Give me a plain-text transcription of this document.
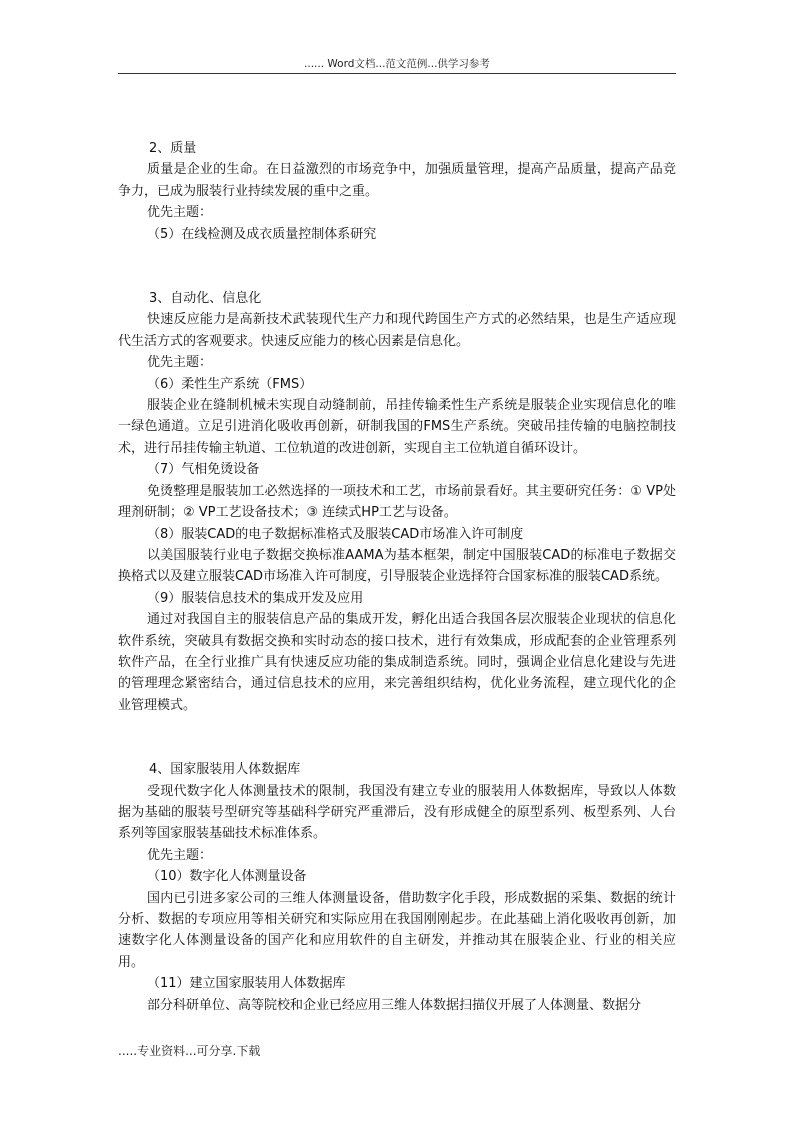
...... Word文档...范文范例...供学习参考

2、质量

质量是企业的生命。在日益激烈的市场竞争中，加强质量管理，提高产品质量，提高产品竞争力，已成为服装行业持续发展的重中之重。

优先主题：

（5）在线检测及成衣质量控制体系研究

3、自动化、信息化

快速反应能力是高新技术武装现代生产力和现代跨国生产方式的必然结果，也是生产适应现代生活方式的客观要求。快速反应能力的核心因素是信息化。

优先主题：

（6）柔性生产系统（FMS）

服装企业在缝制机械未实现自动缝制前，吊挂传输柔性生产系统是服装企业实现信息化的唯一绿色通道。立足引进消化吸收再创新，研制我国的FMS生产系统。突破吊挂传输的电脑控制技术，进行吊挂传输主轨道、工位轨道的改进创新，实现自主工位轨道自循环设计。

（7）气相免烫设备

免烫整理是服装加工必然选择的一项技术和工艺，市场前景看好。其主要研究任务：① VP处理剂研制；② VP工艺设备技术；③ 连续式HP工艺与设备。

（8）服装CAD的电子数据标准格式及服装CAD市场准入许可制度

以美国服装行业电子数据交换标准AAMA为基本框架，制定中国服装CAD的标准电子数据交换格式以及建立服装CAD市场准入许可制度，引导服装企业选择符合国家标准的服装CAD系统。

（9）服装信息技术的集成开发及应用

通过对我国自主的服装信息产品的集成开发，孵化出适合我国各层次服装企业现状的信息化软件系统，突破具有数据交换和实时动态的接口技术，进行有效集成，形成配套的企业管理系列软件产品，在全行业推广具有快速反应功能的集成制造系统。同时，强调企业信息化建设与先进的管理理念紧密结合，通过信息技术的应用，来完善组织结构，优化业务流程，建立现代化的企业管理模式。

4、国家服装用人体数据库

受现代数字化人体测量技术的限制，我国没有建立专业的服装用人体数据库，导致以人体数据为基础的服装号型研究等基础科学研究严重滞后，没有形成健全的原型系列、板型系列、人台系列等国家服装基础技术标准体系。

优先主题：

（10）数字化人体测量设备

国内已引进多家公司的三维人体测量设备，借助数字化手段，形成数据的采集、数据的统计分析、数据的专项应用等相关研究和实际应用在我国刚刚起步。在此基础上消化吸收再创新，加速数字化人体测量设备的国产化和应用软件的自主研发，并推动其在服装企业、行业的相关应用。

（11）建立国家服装用人体数据库

部分科研单位、高等院校和企业已经应用三维人体数据扫描仪开展了人体测量、数据分

.....专业资料...可分享.下载
